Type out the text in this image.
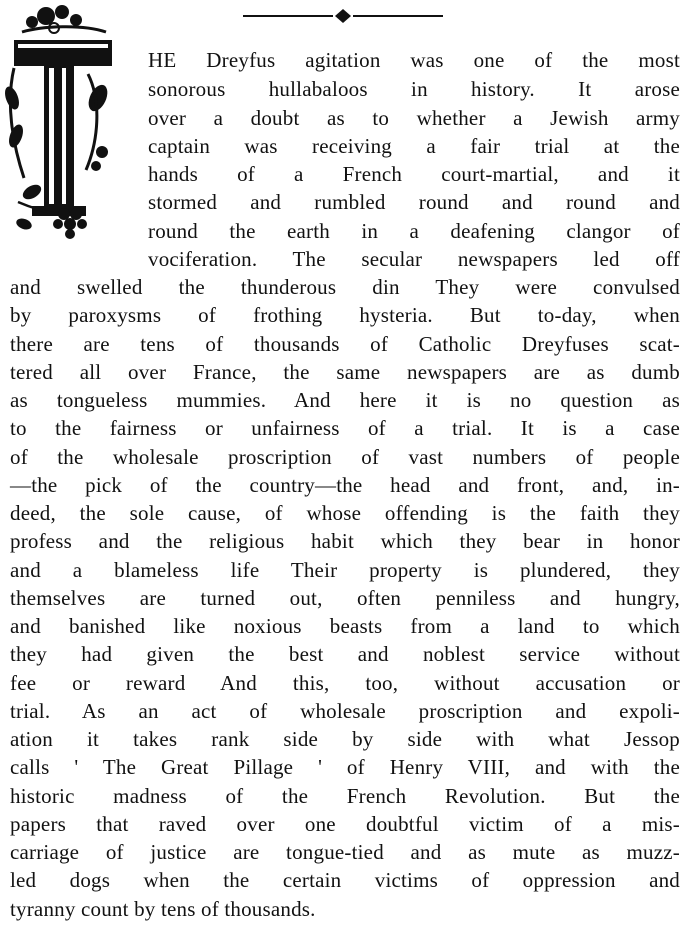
HE Dreyfus agitation was one of the most
sonorous hullabaloos in history. It arose
over a doubt as to whether a Jewish army
captain was receiving a fair trial at the
hands of a French court-martial, and it
stormed and rumbled round and round and
round the earth in a deafening clangor of
vociferation. The secular newspapers led off
and swelled the thunderous din They were convulsed
by paroxysms of frothing hysteria. But to-day, when
there are tens of thousands of Catholic Dreyfuses scat-
tered all over France, the same newspapers are as dumb
as tongueless mummies. And here it is no question as
to the fairness or unfairness of a trial. It is a case
of the wholesale proscription of vast numbers of people
—the pick of the country—the head and front, and, in-
deed, the sole cause, of whose offending is the faith they
profess and the religious habit which they bear in honor
and a blameless life Their property is plundered, they
themselves are turned out, often penniless and hungry,
and banished like noxious beasts from a land to which
they had given the best and noblest service without
fee or reward And this, too, without accusation or
trial. As an act of wholesale proscription and expoli-
ation it takes rank side by side with what Jessop
calls ' The Great Pillage ' of Henry VIII, and with the
historic madness of the French Revolution. But the
papers that raved over one doubtful victim of a mis-
carriage of justice are tongue-tied and as mute as muzz-
led dogs when the certain victims of oppression and
tyranny count by tens of thousands.
